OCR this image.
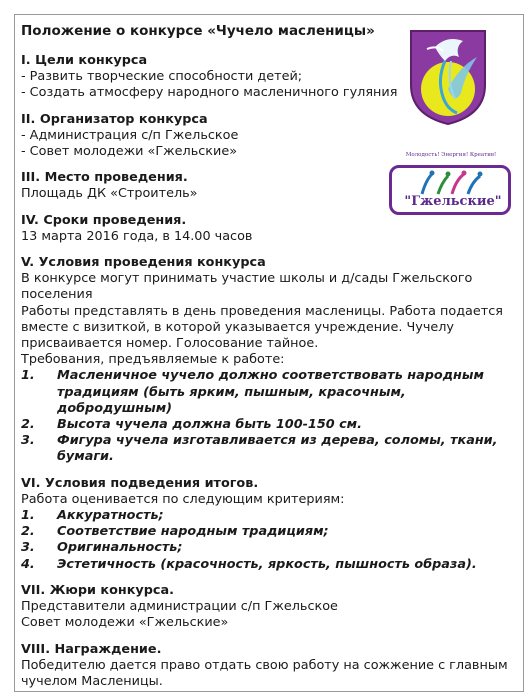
Положение о конкурсе «Чучело масленицы»
Молодость! Энергия! Креатив!
"Гжельские"
I. Цели конкурса
- Развить творческие способности детей;
- Создать атмосферу народного масленичного гуляния
II. Организатор конкурса
- Администрация с/п Гжельское
- Совет молодежи «Гжельские»
III. Место проведения.
Площадь ДК «Строитель»
IV. Сроки проведения.
13 марта 2016 года, в 14.00 часов
V. Условия проведения конкурса
В конкурсе могут принимать участие школы и д/сады Гжельского поселения
Работы представлять в день проведения масленицы. Работа подается вместе с визиткой, в которой указывается учреждение. Чучелу присваивается номер. Голосование тайное.
Требования, предъявляемые к работе:
1.	Масленичное чучело должно соответствовать народным традициям (быть ярким, пышным, красочным, добродушным)
2.	Высота чучела должна быть 100-150 см.
3.	Фигура чучела изготавливается из дерева, соломы, ткани, бумаги.
VI. Условия подведения итогов.
Работа оценивается по следующим критериям:
1.	Аккуратность;
2.	Соответствие народным традициям;
3.	Оригинальность;
4.	Эстетичность (красочность, яркость, пышность образа).
VII. Жюри конкурса.
Представители администрации с/п Гжельское
Совет молодежи «Гжельские»
VIII. Награждение.
Победителю дается право отдать свою работу на сожжение с главным чучелом Масленицы.
